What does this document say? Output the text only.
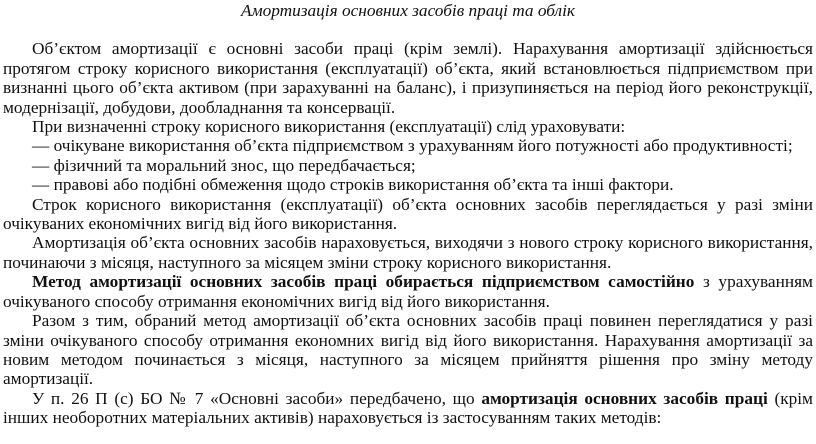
Амортизація основних засобів праці та облік

Об’єктом амортизації є основні засоби праці (крім землі). Нарахування амортизації здійснюється протягом строку корисного використання (експлуатації) об’єкта, який встановлюється підприємством при визнанні цього об’єкта активом (при зарахуванні на баланс), і призупиняється на період його реконструкції, модернізації, добудови, дообладнання та консервації.

При визначенні строку корисного використання (експлуатації) слід ураховувати:

— очікуване використання об’єкта підприємством з урахуванням його потужності або продуктивності;

— фізичний та моральний знос, що передбачається;

— правові або подібні обмеження щодо строків використання об’єкта та інші фактори.

Строк корисного використання (експлуатації) об’єкта основних засобів переглядається у разі зміни очікуваних економічних вигід від його використання.

Амортизація об’єкта основних засобів нараховується, виходячи з нового строку корисного використання, починаючи з місяця, наступного за місяцем зміни строку корисного використання.

Метод амортизації основних засобів праці обирається підприємством самостійно з урахуванням очікуваного способу отримання економічних вигід від його використання.

Разом з тим, обраний метод амортизації об’єкта основних засобів праці повинен переглядатися у разі зміни очікуваного способу отримання економних вигід від його використання. Нарахування амортизації за новим методом починається з місяця, наступного за місяцем прийняття рішення про зміну методу амортизації.

У п. 26 П (с) БО № 7 «Основні засоби» передбачено, що амортизація основних засобів праці (крім інших необоротних матеріальних активів) нараховується із застосуванням таких методів:
